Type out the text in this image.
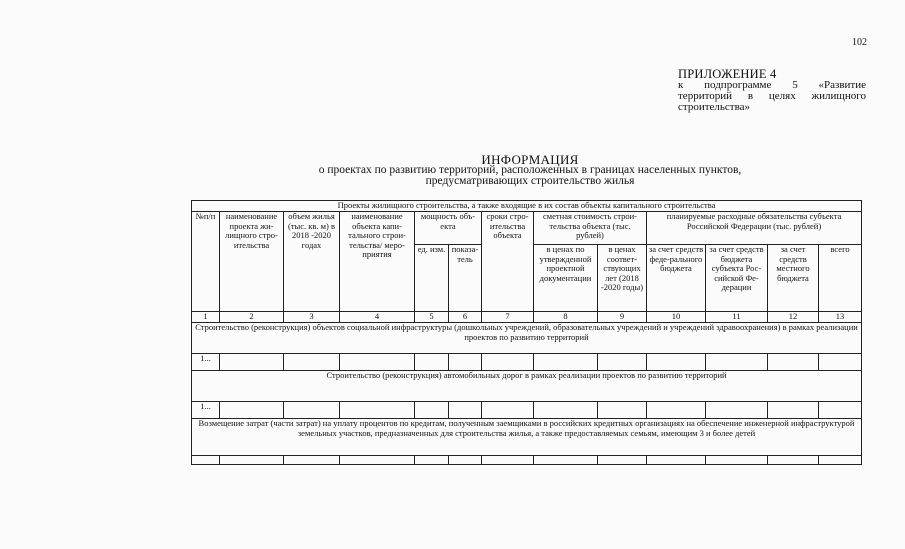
102
ПРИЛОЖЕНИЕ 4
к подпрограмме 5 «Развитие территорий в целях жилищного строительства»
ИНФОРМАЦИЯ
о проектах по развитию территорий, расположенных в границах населенных пунктов,
предусматривающих строительство жилья
Проекты жилищного строительства, а также входящие в их состав объекты капитального строительства												
№п/п	наименование проекта жи-лищного стро-ительства	объем жилья (тыс. кв. м) в 2018 -2020 годах	наименование объекта капи-тального строи-тельства/ меро-приятия	мощность объ-екта		сроки стро-ительства объекта	сметная стоимость строи-тельства объекта (тыс. рублей)		планируемые расходные обязательства субъекта Российской Федерации (тыс. рублей)			
				ед. изм.	показа-тель		в ценах по утвержденной проектной документации	в ценах соответ-ствующих лет (2018 -2020 годы)	за счет средств феде-рального бюджета	за счет средств бюджета субъекта Рос-сийской Фе-дерации	за счет средств местного бюджета	всего
1	2	3	4	5	6	7	8	9	10	11	12	13
Строительство (реконструкция) объектов социальной инфраструктуры (дошкольных учреждений, образовательных учреждений и учреждений здравоохранения) в рамках реализации проектов по развитию территорий												
1...												
Строительство (реконструкция) автомобильных дорог в рамках реализации проектов по развитию территорий												
1...												
Возмещение затрат (части затрат) на уплату процентов по кредитам, полученным заемщиками в российских кредитных организациях на обеспечение инженерной инфраструктурой земельных участков, предназначенных для строительства жилья, а также предоставляемых семьям, имеющим 3 и более детей												
